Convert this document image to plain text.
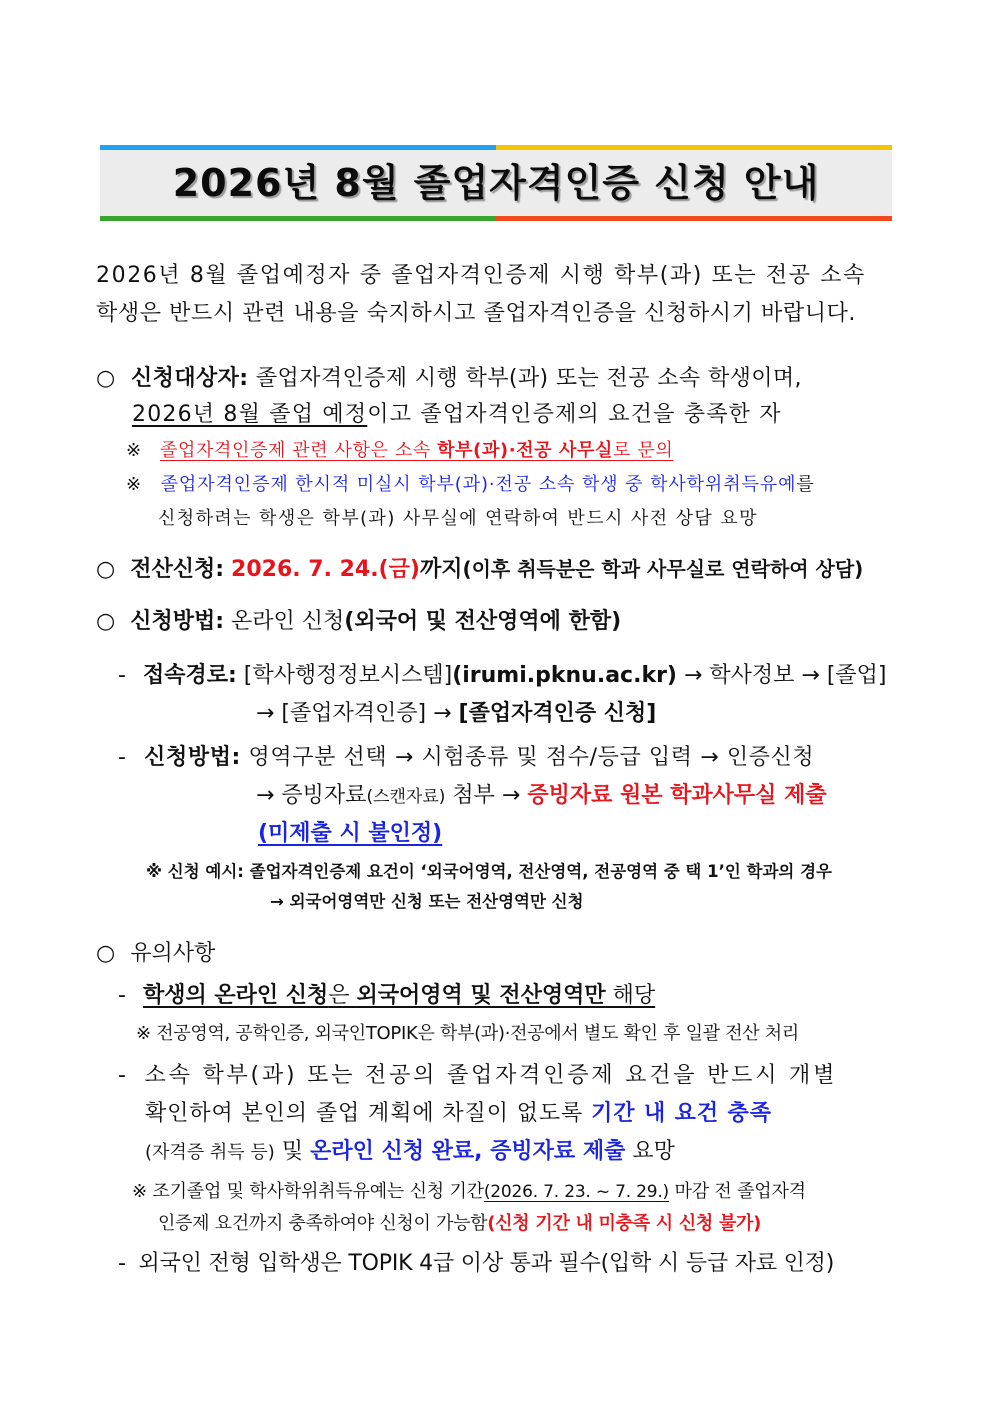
2026년 8월 졸업자격인증 신청 안내
2026년 8월 졸업예정자 중 졸업자격인증제 시행 학부(과) 또는 전공 소속
학생은 반드시 관련 내용을 숙지하시고 졸업자격인증을 신청하시기 바랍니다.
○ 신청대상자: 졸업자격인증제 시행 학부(과) 또는 전공 소속 학생이며,
2026년 8월 졸업 예정이고 졸업자격인증제의 요건을 충족한 자
※ 졸업자격인증제 관련 사항은 소속 학부(과)·전공 사무실로 문의
※ 졸업자격인증제 한시적 미실시 학부(과)·전공 소속 학생 중 학사학위취득유예를
신청하려는 학생은 학부(과) 사무실에 연락하여 반드시 사전 상담 요망
○ 전산신청: 2026. 7. 24.(금)까지(이후 취득분은 학과 사무실로 연락하여 상담)
○ 신청방법: 온라인 신청(외국어 및 전산영역에 한함)
- 접속경로: [학사행정정보시스템](irumi.pknu.ac.kr) → 학사정보 → [졸업]
→ [졸업자격인증] → [졸업자격인증 신청]
- 신청방법: 영역구분 선택 → 시험종류 및 점수/등급 입력 → 인증신청
→ 증빙자료(스캔자료) 첨부 → 증빙자료 원본 학과사무실 제출
(미제출 시 불인정)
※ 신청 예시: 졸업자격인증제 요건이 ‘외국어영역, 전산영역, 전공영역 중 택 1’인 학과의 경우
→ 외국어영역만 신청 또는 전산영역만 신청
○ 유의사항
- 학생의 온라인 신청은 외국어영역 및 전산영역만 해당
※ 전공영역, 공학인증, 외국인TOPIK은 학부(과)·전공에서 별도 확인 후 일괄 전산 처리
- 소속 학부(과) 또는 전공의 졸업자격인증제 요건을 반드시 개별
확인하여 본인의 졸업 계획에 차질이 없도록 기간 내 요건 충족
(자격증 취득 등) 및 온라인 신청 완료, 증빙자료 제출 요망
※ 조기졸업 및 학사학위취득유예는 신청 기간(2026. 7. 23. ~ 7. 29.) 마감 전 졸업자격
인증제 요건까지 충족하여야 신청이 가능함(신청 기간 내 미충족 시 신청 불가)
- 외국인 전형 입학생은 TOPIK 4급 이상 통과 필수(입학 시 등급 자료 인정)
